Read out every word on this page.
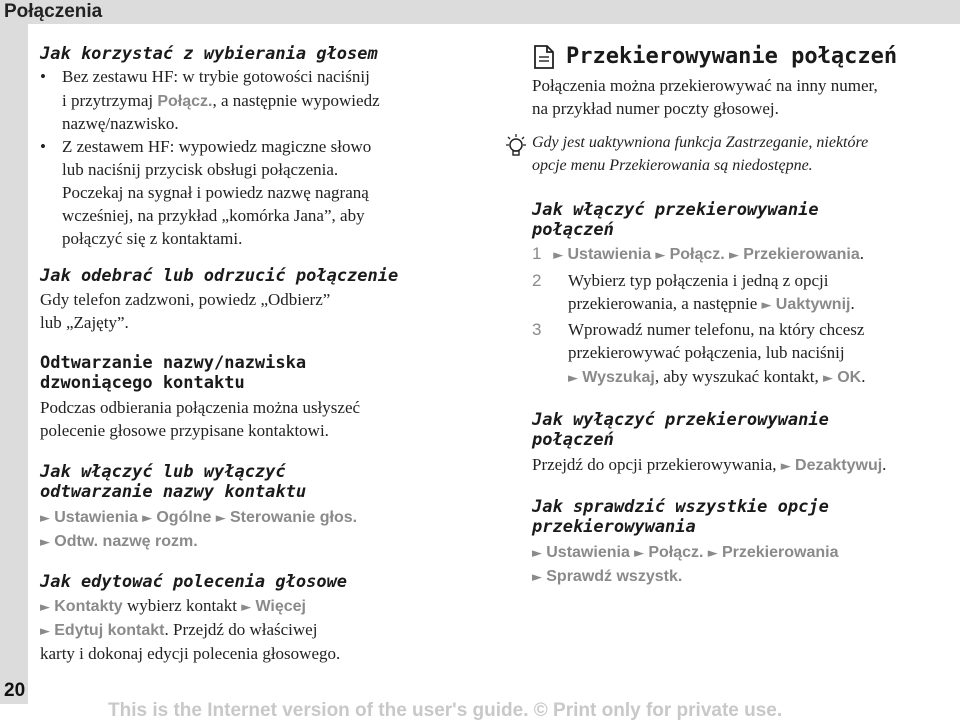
Połączenia
20
This is the Internet version of the user's guide. © Print only for private use.
Jak korzystać z wybierania głosem
• Bez zestawu HF: w trybie gotowości naciśnij
i przytrzymaj Połącz., a następnie wypowiedz
nazwę/nazwisko.
• Z zestawem HF: wypowiedz magiczne słowo
lub naciśnij przycisk obsługi połączenia.
Poczekaj na sygnał i powiedz nazwę nagraną
wcześniej, na przykład „komórka Jana”, aby
połączyć się z kontaktami.
Jak odebrać lub odrzucić połączenie
Gdy telefon zadzwoni, powiedz „Odbierz”
lub „Zajęty”.
Odtwarzanie nazwy/nazwiska
dzwoniącego kontaktu
Podczas odbierania połączenia można usłyszeć
polecenie głosowe przypisane kontaktowi.
Jak włączyć lub wyłączyć
odtwarzanie nazwy kontaktu
► Ustawienia ► Ogólne ► Sterowanie głos.
► Odtw. nazwę rozm.
Jak edytować polecenia głosowe
► Kontakty wybierz kontakt ► Więcej
► Edytuj kontakt. Przejdź do właściwej
karty i dokonaj edycji polecenia głosowego.
Przekierowywanie połączeń
Połączenia można przekierowywać na inny numer,
na przykład numer poczty głosowej.
Gdy jest uaktywniona funkcja Zastrzeganie, niektóre
opcje menu Przekierowania są niedostępne.
Jak włączyć przekierowywanie
połączeń
1 ► Ustawienia ► Połącz. ► Przekierowania.
2 Wybierz typ połączenia i jedną z opcji
przekierowania, a następnie ► Uaktywnij.
3 Wprowadź numer telefonu, na który chcesz
przekierowywać połączenia, lub naciśnij
► Wyszukaj, aby wyszukać kontakt, ► OK.
Jak wyłączyć przekierowywanie
połączeń
Przejdź do opcji przekierowywania, ► Dezaktywuj.
Jak sprawdzić wszystkie opcje
przekierowywania
► Ustawienia ► Połącz. ► Przekierowania
► Sprawdź wszystk.
